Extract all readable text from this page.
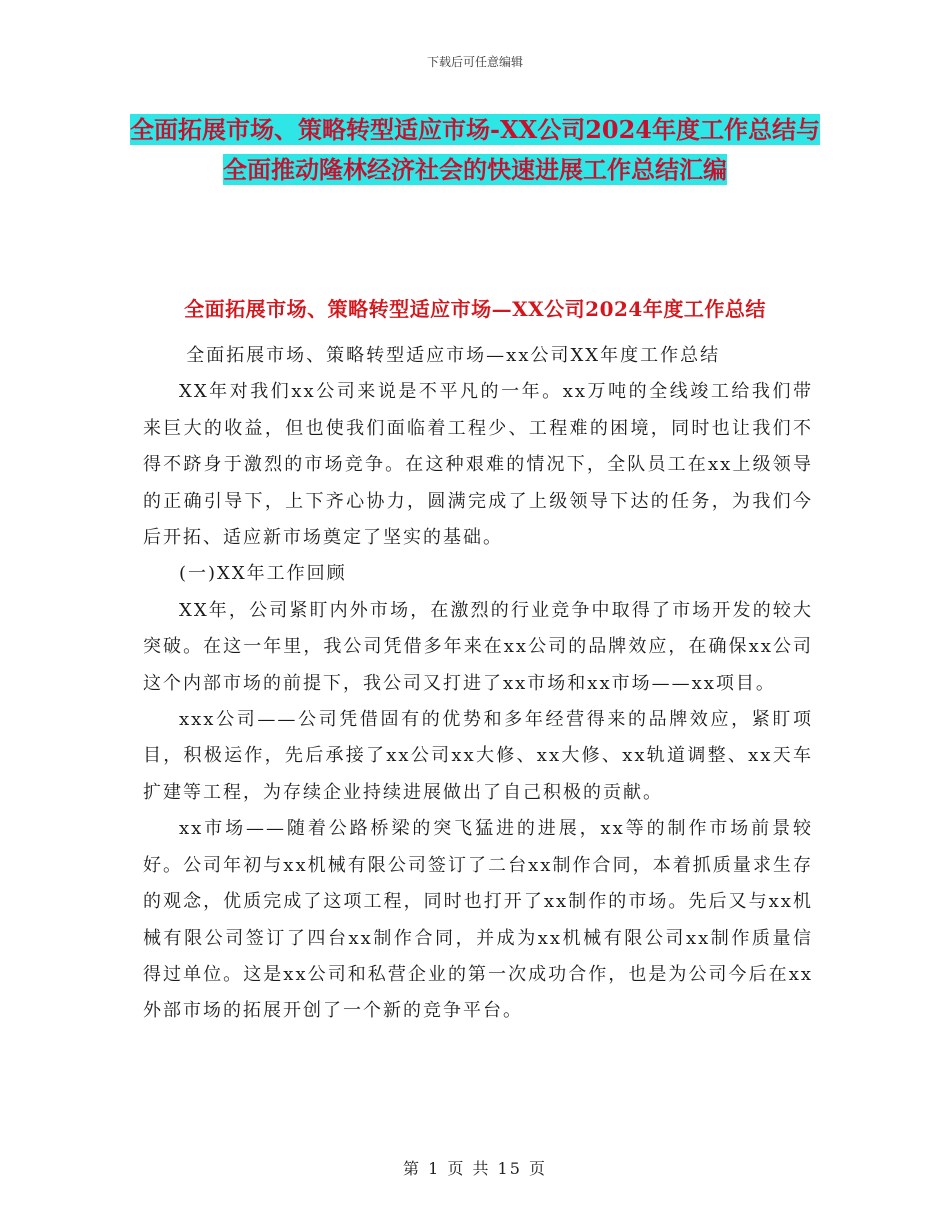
下载后可任意编辑
全面拓展市场、策略转型适应市场-XX公司2024年度工作总结与全面推动隆林经济社会的快速进展工作总结汇编
全面拓展市场、策略转型适应市场—XX公司2024年度工作总结

全面拓展市场、策略转型适应市场—xx公司XX年度工作总结

XX年对我们xx公司来说是不平凡的一年。xx万吨的全线竣工给我们带来巨大的收益，但也使我们面临着工程少、工程难的困境，同时也让我们不得不跻身于激烈的市场竞争。在这种艰难的情况下，全队员工在xx上级领导的正确引导下，上下齐心协力，圆满完成了上级领导下达的任务，为我们今后开拓、适应新市场奠定了坚实的基础。

(一)XX年工作回顾

XX年，公司紧盯内外市场，在激烈的行业竞争中取得了市场开发的较大突破。在这一年里，我公司凭借多年来在xx公司的品牌效应，在确保xx公司这个内部市场的前提下，我公司又打进了xx市场和xx市场——xx项目。

xxx公司——公司凭借固有的优势和多年经营得来的品牌效应，紧盯项目，积极运作，先后承接了xx公司xx大修、xx大修、xx轨道调整、xx天车扩建等工程，为存续企业持续进展做出了自己积极的贡献。

xx市场——随着公路桥梁的突飞猛进的进展，xx等的制作市场前景较好。公司年初与xx机械有限公司签订了二台xx制作合同，本着抓质量求生存的观念，优质完成了这项工程，同时也打开了xx制作的市场。先后又与xx机械有限公司签订了四台xx制作合同，并成为xx机械有限公司xx制作质量信得过单位。这是xx公司和私营企业的第一次成功合作，也是为公司今后在xx外部市场的拓展开创了一个新的竞争平台。

第 1 页 共 15 页
